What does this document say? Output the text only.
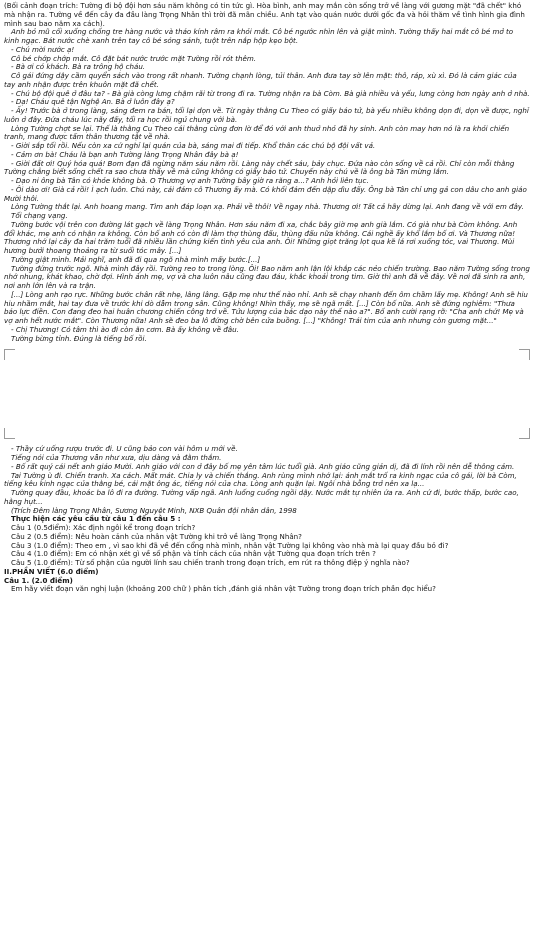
(Bối cảnh đoạn trích: Tường đi bộ đội hơn sáu năm không có tin tức gì. Hòa bình, anh may mắn còn sống trở về làng với gương mặt "đã chết" khó mà nhận ra. Tường về đến cây đa đầu làng Trọng Nhân thì trời đã mãn chiều. Anh tạt vào quán nước dưới gốc đa và hỏi thăm về tình hình gia đình mình sau bao năm xa cách).

Anh bỏ mũ cối xuống chống tre hàng nước và tháo kính râm ra khỏi mắt. Cô bé ngước nhìn lên và giật mình. Tường thấy hai mắt cô bé mở to kinh ngạc. Bát nước chè xanh trên tay cô bé sóng sánh, tuột trên nắp hộp kẹo bột.

- Chú mời nước ạ!

Cô bé chớp chớp mắt. Cô đặt bát nước trước mặt Tường rồi rót thêm.

- Bà ơi có khách. Bà ra trông hộ cháu.

Cô gái đứng dậy cầm quyển sách vào trong rất nhanh. Tường chạnh lòng, tủi thân. Anh đưa tay sờ lên mặt: thô, ráp, xù xì. Đó là cảm giác của tay anh nhận được trên khuôn mặt đã chết.

- Chú bộ đội quê ở đâu ta? - Bà già còng lưng chậm rãi từ trong đi ra. Tường nhận ra bà Còm. Bà già nhiều và yếu, lưng còng hơn ngày anh ở nhà.

- Dạ! Cháu quê tận Nghệ An. Bà ở luôn đây ạ?

- Ấy! Trước bà ở trong làng, sáng đem ra bán, tối lại dọn về. Từ ngày thằng Cu Theo có giấy báo tử, bà yếu nhiều không dọn đi, dọn về được, nghỉ luôn ở đây. Đứa cháu lúc nãy đấy, tối ra học rồi ngủ chung với bà.

Lòng Tường chợt se lại. Thế là thằng Cu Theo cái thằng cùng đơn lờ để đó với anh thuở nhỏ đã hy sinh. Anh còn may hơn nó là ra khỏi chiến tranh, mang được tấm thân thương tật về nhà.

- Giời sắp tối rồi. Nếu còn xa cứ nghỉ lại quán của bà, sáng mai đi tiếp. Khổ thân các chú bộ đội vất vả.

- Cảm ơn bà! Cháu là bạn anh Tường làng Trọng Nhân đây bà ạ!

- Giời đất ơi! Quý hóa quá! Bom đạn đã ngừng năm sáu năm rồi. Làng này chết sáu, bảy chục. Đứa nào còn sống về cả rồi. Chỉ còn mỗi thằng Tường chẳng biết sống chết ra sao chưa thấy về mà cũng không có giấy báo tử. Chuyến này chú về là ông bà Tân mừng lắm.

- Dạo ni ông bà Tân có khỏe không bà. O Thương vợ anh Tường bây giờ ra răng a...? Anh hỏi liên tục.

- Ôi dào ơi! Già cả rồi! Ì ạch luôn. Chú này, cái đám cô Thương ấy mà. Có khối đám đến dập dìu đấy. Ông bà Tân chỉ ưng gả con dâu cho anh giáo Mười thôi.

Lòng Tường thắt lại. Anh hoang mang. Tìm anh đáp loạn xạ. Phải về thôi! Về ngay nhà. Thương ơi! Tất cả hãy dừng lại. Anh đang về với em đây.

Tối chạng vạng.

Tường bước vội trên con đường lát gạch về làng Trọng Nhân. Hơn sáu năm đi xa, chắc bây giờ mẹ anh già lắm. Có già như bà Còm không. Anh đổi khác, mẹ anh có nhận ra không. Còn bố anh có còn đi làm thợ thùng đấu, thùng đấu nữa không. Cái nghề ấy khổ lắm bố ơi. Và Thương nữa! Thương nhớ lại cây đa hai trăm tuổi đã nhiều lần chứng kiến tình yêu của anh. Ôi! Những giọt trăng lọt qua kẽ lá rơi xuống tóc, vai Thương. Mùi hương bưởi thoang thoảng ra từ suối tóc mây. [...]

Tường giật mình. Mải nghĩ, anh đã đi qua ngõ nhà mình mấy bước.[...]

Tường đứng trước ngõ. Nhà mình đây rồi. Tường reo to trong lòng. Ôi! Bao năm anh lận lội khắp các nẻo chiến trường. Bao năm Tường sống trong nhớ nhung, khát khao, chờ đợi. Hình ảnh mẹ, vợ và cha luôn nâu cũng đau đáu, khắc khoải trong tim. Giờ thì anh đã về đây. Về nơi đã sinh ra anh, nơi anh lớn lên và ra trận.

[...] Lòng anh rạo rực. Những bước chân rất nhẹ, lâng lâng. Gặp mẹ như thế nào nhỉ. Anh sẽ chạy nhanh đến ôm chầm lấy mẹ. Không! Anh sẽ hiu hiu nhầm mắt, hai tay đưa về trước khi dò dẫm trong sân. Cũng không! Nhìn thấy, mẹ sẽ ngã mất. [...] Còn bố nữa. Anh sẽ đứng nghiêm: "Thưa báo lực điền. Con đang đeo hai huân chương chiến công trở về. Tửu lượng của bác dạo này thế nào a?". Bố anh cười rạng rỡ: "Cha anh chứ! Mẹ và vợ anh hết nước mắt". Còn Thương nữa! Anh sẽ đeo ba lô đứng chờ bên cửa buồng. [...] "Không! Trái tim của anh nhưng còn gương mặt..."

- Chị Thương! Có tâm thì ào đi còn ăn cơm. Bà ấy không về đâu.

Tường bừng tỉnh. Đúng là tiếng bố rồi.

- Thầy cứ uống rượu trước đi. U cũng bảo con vài hôm u mới về.

Tiếng nói của Thương vẫn như xưa, dịu dàng và đằm thắm.

- Bố rất quý cái nết anh giáo Mười. Anh giáo với con ở đây bố mẹ yên tâm lúc tuổi già. Anh giáo cũng giản dị, đã đi lính rồi nên dễ thông cảm.

Tai Tường ù đi. Chiến tranh. Xa cách. Mất mát. Chia ly và chiến thắng. Anh rùng mình nhớ lại: ánh mắt trố ra kinh ngạc của cô gái, lời bà Còm, tiếng kêu kinh ngạc của thằng bé, cái mặt ông ác, tiếng nói của cha. Lòng anh quặn lại. Ngôi nhà bỗng trở nên xa lạ...

Tường quay đầu, khoác ba lô đi ra đường. Tường vấp ngã. Anh luống cuống ngồi dậy. Nước mắt tự nhiên ứa ra. Anh cứ đi, bước thấp, bước cao, hằng hụt...

(Trích Đêm làng Trọng Nhân, Sương Nguyệt Minh, NXB Quân đội nhân dân, 1998

Thực hiện các yêu cầu từ câu 1 đến câu 5 :

Câu 1 (0.5điểm): Xác định ngôi kể trong đoạn trích?

Câu 2 (0.5 điểm): Nêu hoàn cảnh của nhân vật Tường khi trở về làng Trọng Nhân?

Câu 3 (1.0 điểm): Theo em , vì sao khi đã về đến cổng nhà mình, nhân vật Tường lại không vào nhà mà lại quay đầu bỏ đi?

Câu 4 (1.0 điểm): Em có nhận xét gì về số phận và tính cách của nhân vật Tường qua đoạn trích trên ?

Câu 5 (1.0 điểm): Từ số phận của người lính sau chiến tranh trong đoạn trích, em rút ra thông điệp ý nghĩa nào?

II.PHẦN VIẾT (6.0 điểm)

Câu 1. (2.0 điểm)

Em hãy viết đoạn văn nghị luận (khoảng 200 chữ ) phân tích ,đánh giá nhân vật Tường trong đoạn trích phần đọc hiểu?
